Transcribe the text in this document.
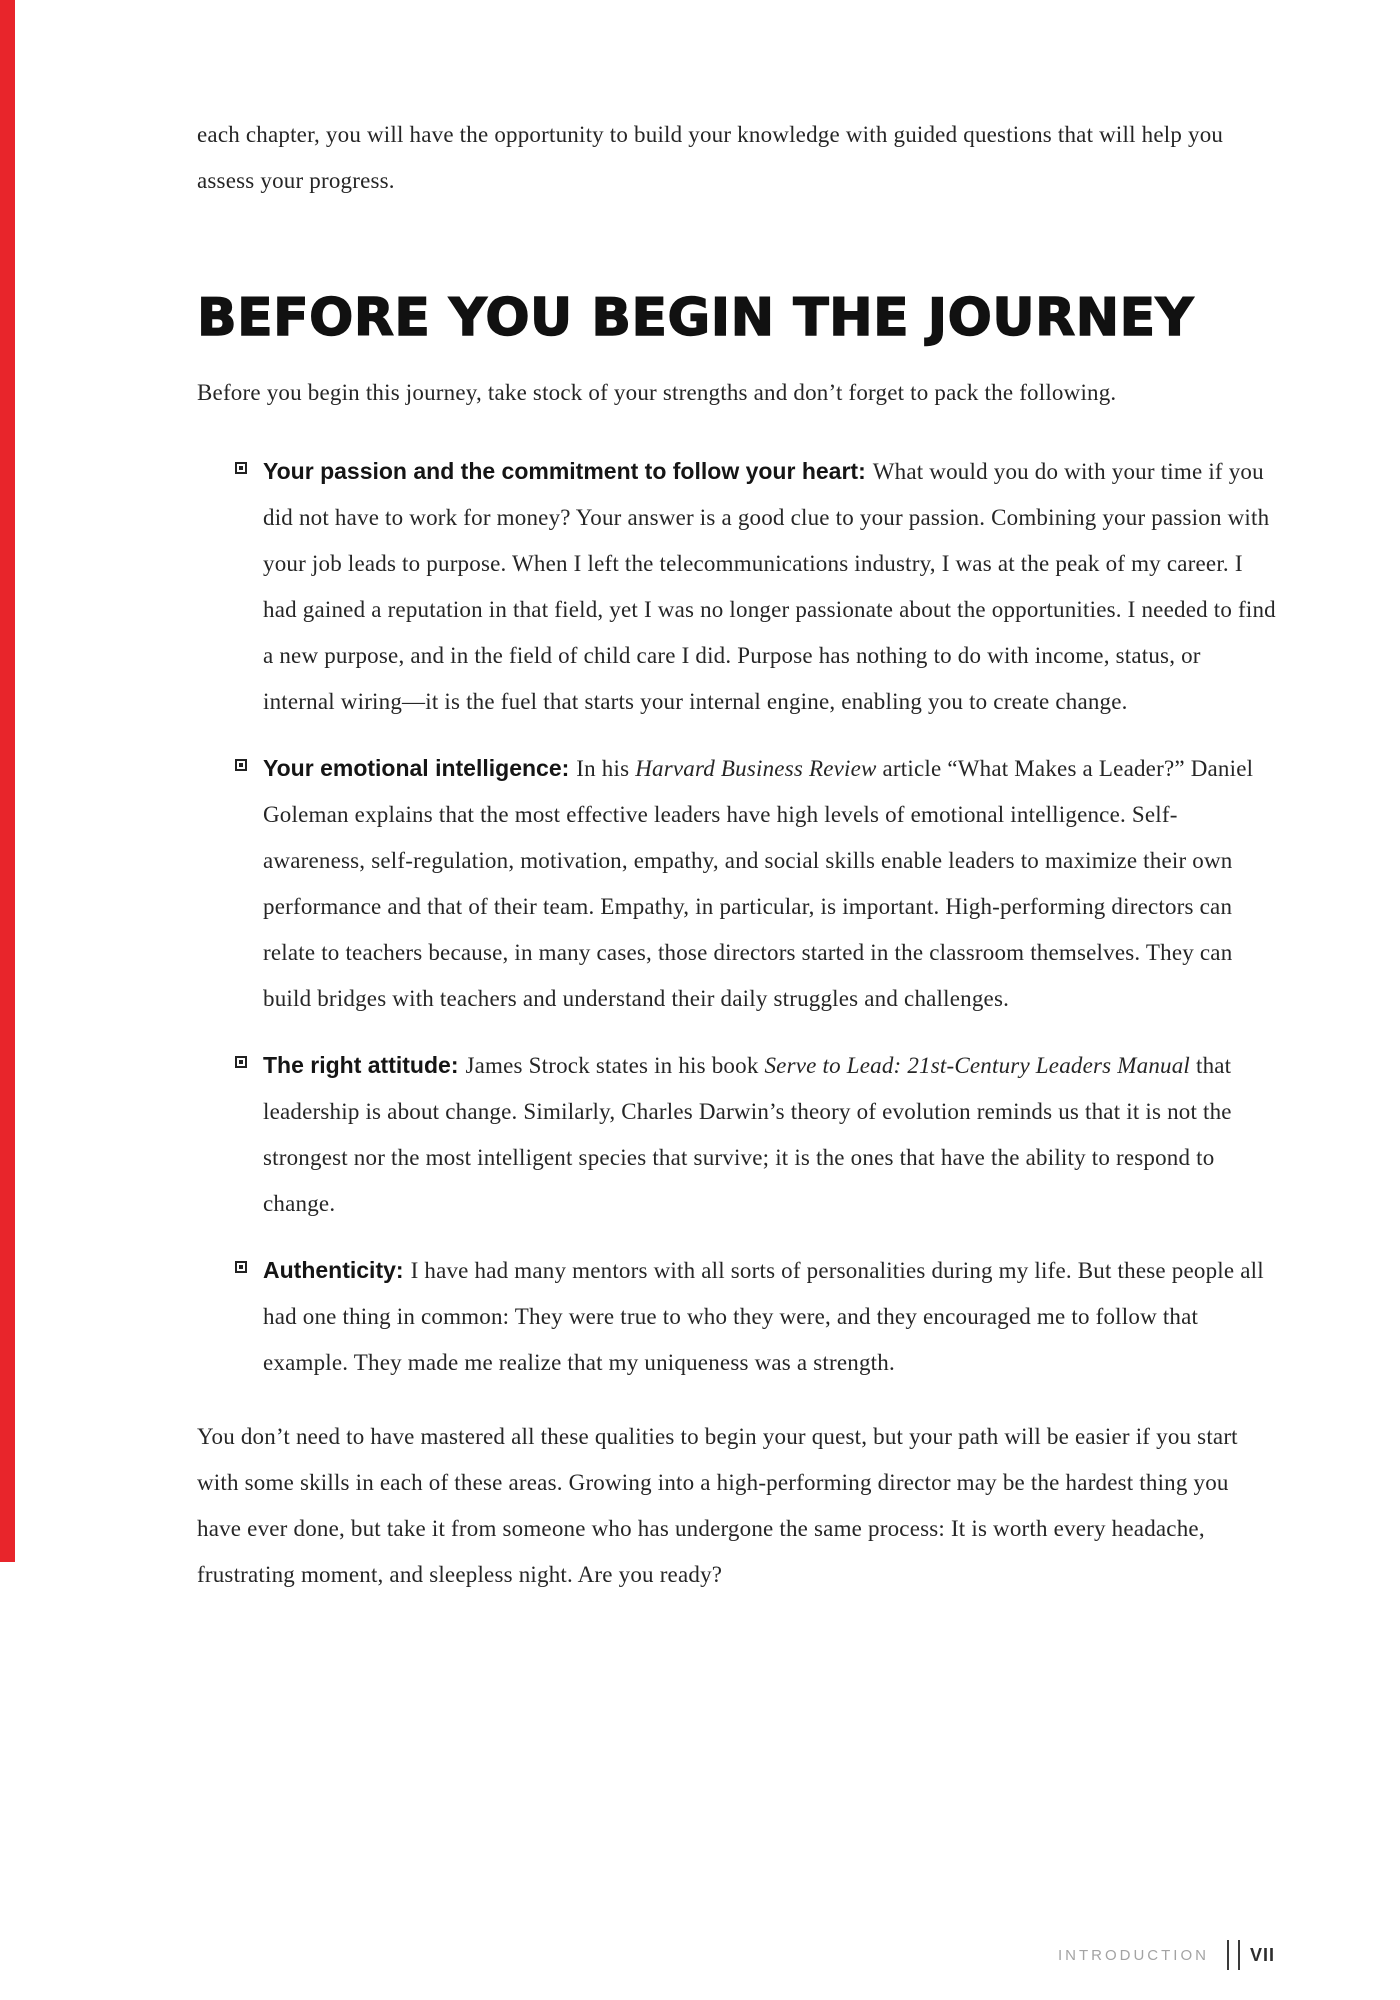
each chapter, you will have the opportunity to build your knowledge with guided questions that will help you assess your progress.

BEFORE YOU BEGIN THE JOURNEY

Before you begin this journey, take stock of your strengths and don’t forget to pack the following.

Your passion and the commitment to follow your heart: What would you do with your time if you did not have to work for money? Your answer is a good clue to your passion. Combining your passion with your job leads to purpose. When I left the telecommunications industry, I was at the peak of my career. I had gained a reputation in that field, yet I was no longer passionate about the opportunities. I needed to find a new purpose, and in the field of child care I did. Purpose has nothing to do with income, status, or internal wiring—it is the fuel that starts your internal engine, enabling you to create change.
Your emotional intelligence: In his Harvard Business Review article “What Makes a Leader?” Daniel Goleman explains that the most effective leaders have high levels of emotional intelligence. Self-awareness, self-regulation, motivation, empathy, and social skills enable leaders to maximize their own performance and that of their team. Empathy, in particular, is important. High-performing directors can relate to teachers because, in many cases, those directors started in the classroom themselves. They can build bridges with teachers and understand their daily struggles and challenges.
The right attitude: James Strock states in his book Serve to Lead: 21st-Century Leaders Manual that leadership is about change. Similarly, Charles Darwin’s theory of evolution reminds us that it is not the strongest nor the most intelligent species that survive; it is the ones that have the ability to respond to change.
Authenticity: I have had many mentors with all sorts of personalities during my life. But these people all had one thing in common: They were true to who they were, and they encouraged me to follow that example. They made me realize that my uniqueness was a strength.

You don’t need to have mastered all these qualities to begin your quest, but your path will be easier if you start with some skills in each of these areas. Growing into a high-performing director may be the hardest thing you have ever done, but take it from someone who has undergone the same process: It is worth every headache, frustrating moment, and sleepless night. Are you ready?

INTRODUCTION VII
